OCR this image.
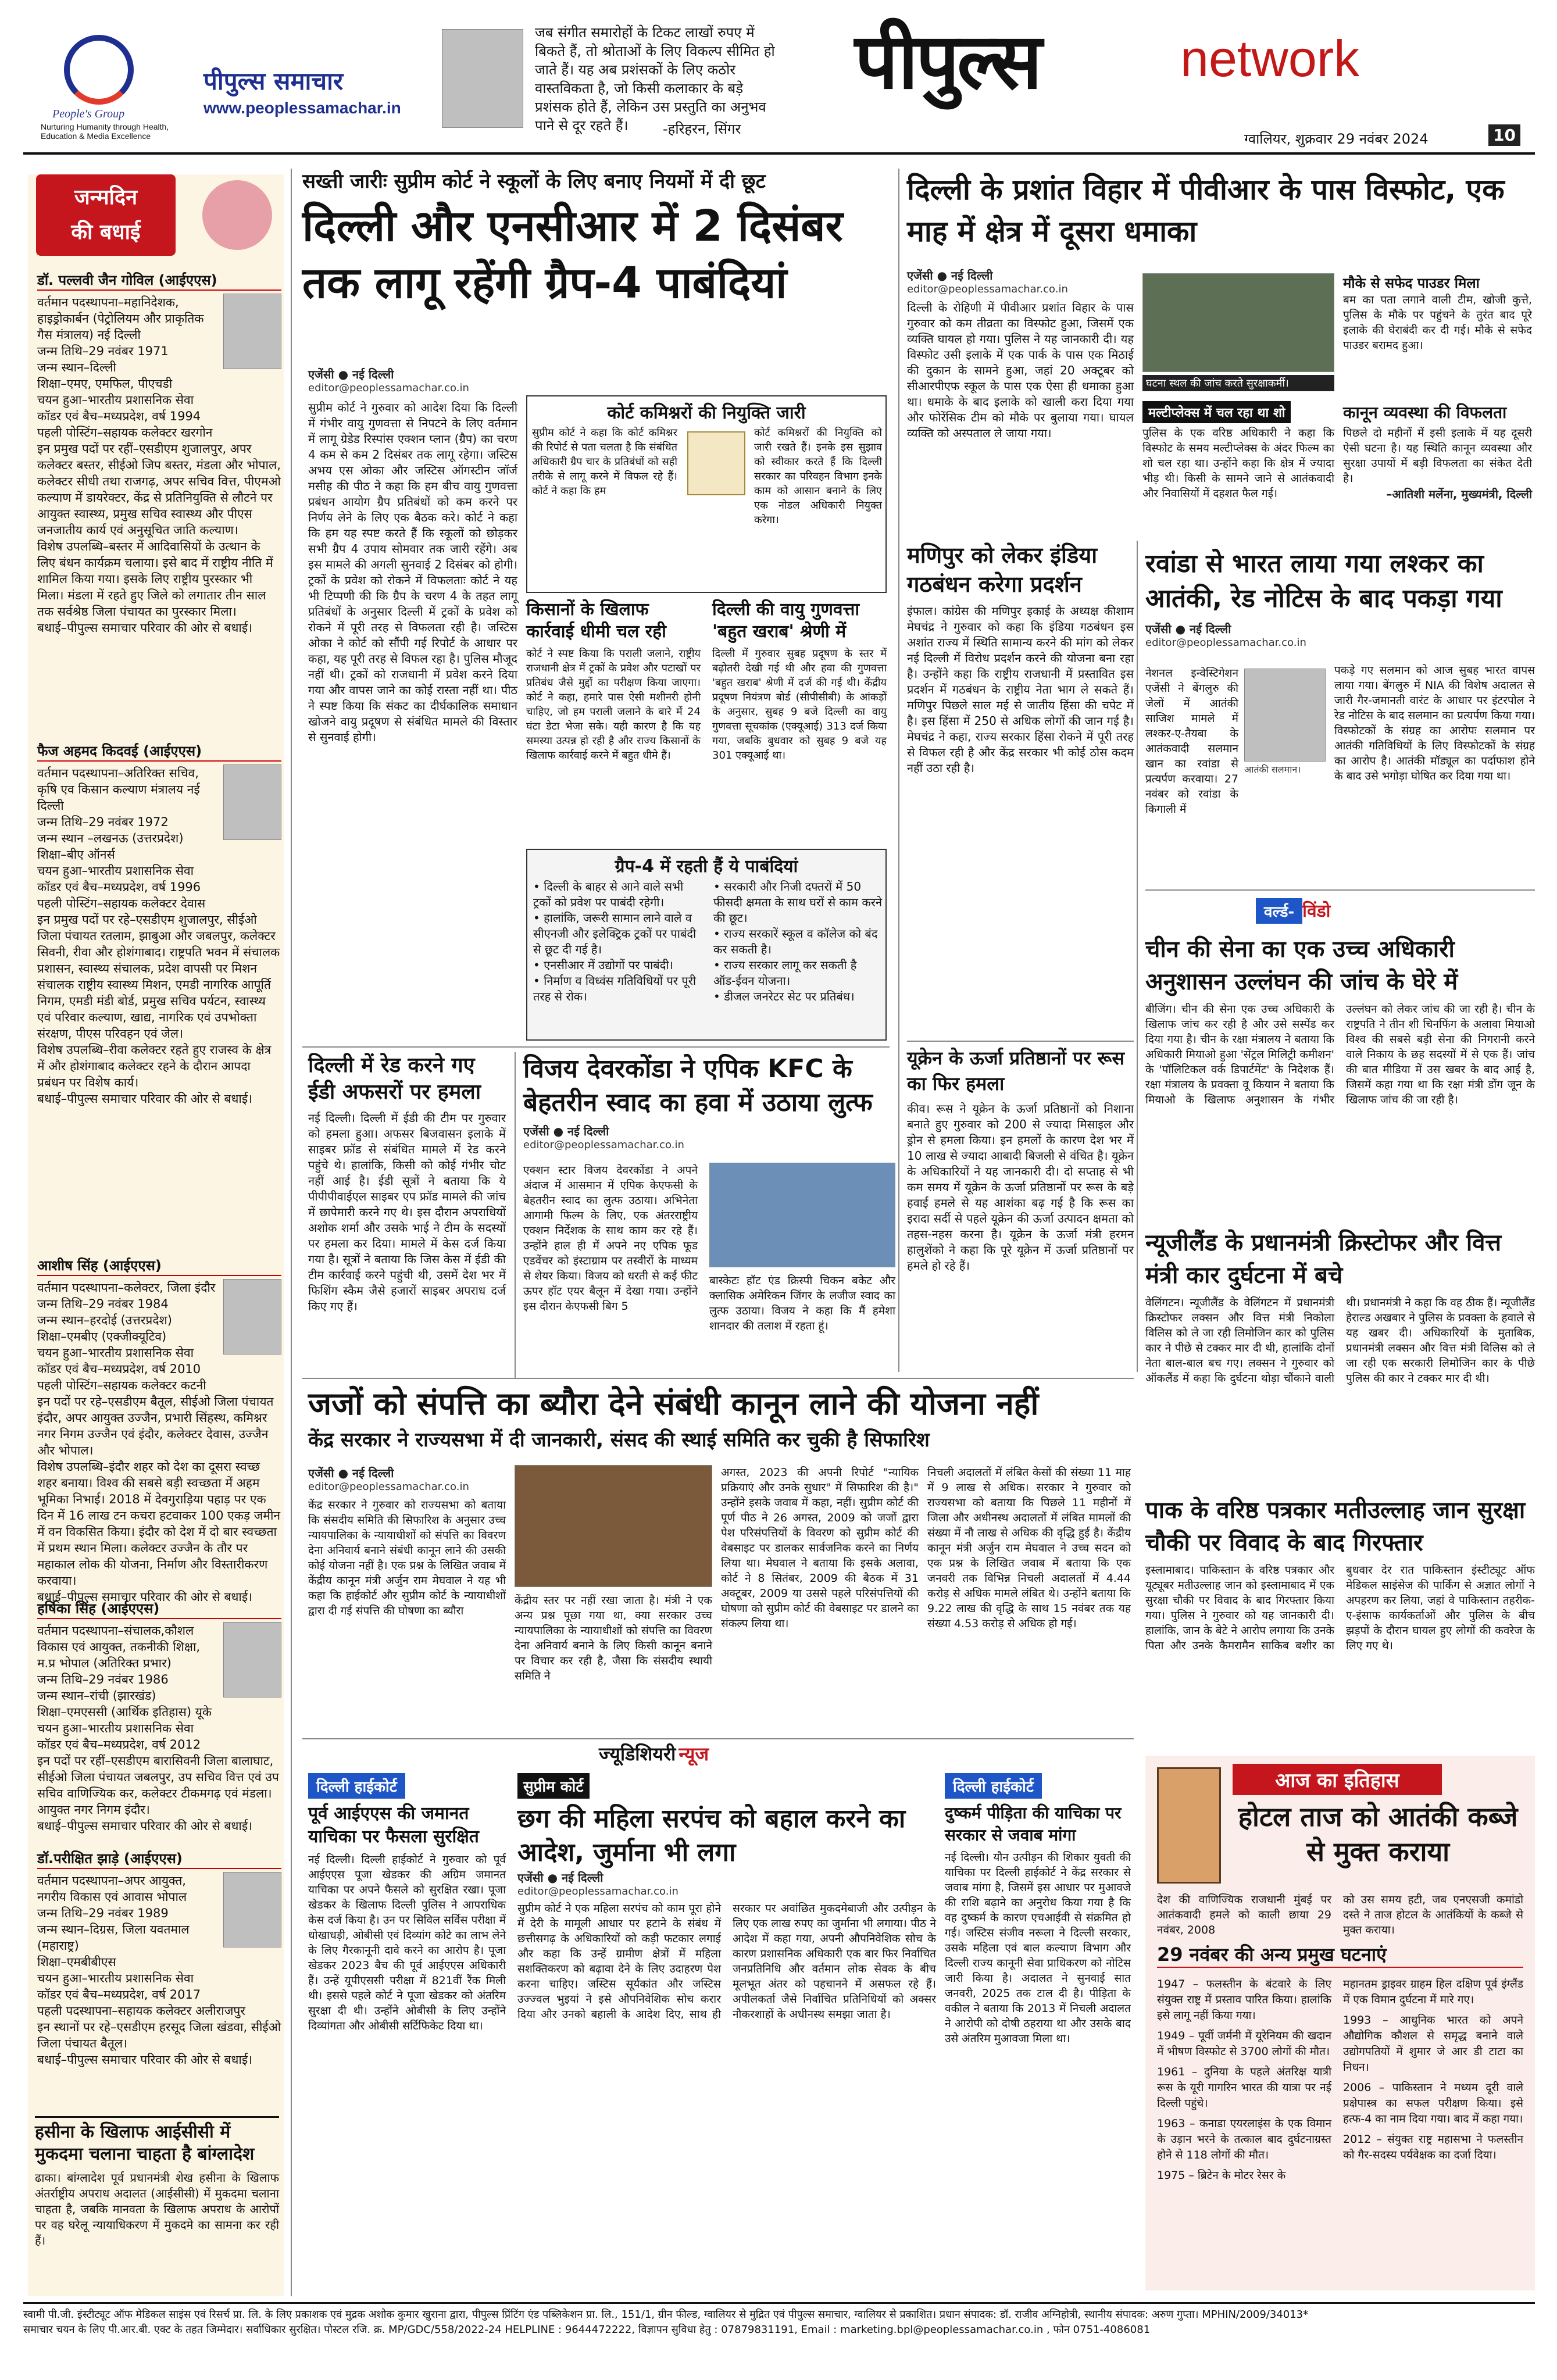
People's Group
Nurturing Humanity through Health, Education & Media Excellence
पीपुल्स समाचार
www.peoplessamachar.in
जब संगीत समारोहों के टिकट लाखों रुपए में बिकते हैं, तो श्रोताओं के लिए विकल्प सीमित हो जाते हैं। यह अब प्रशंसकों के लिए कठोर वास्तविकता है, जो किसी कलाकार के बड़े प्रशंसक होते हैं, लेकिन उस प्रस्तुति का अनुभव पाने से दूर रहते हैं।	-हरिहरन, सिंगर
पीपुल्स	network
ग्वालियर, शुक्रवार 29 नवंबर 2024	10
जन्मदिन
की बधाई
डॉ. पल्लवी जैन गोविल (आईएएस)
वर्तमान पदस्थापना–महानिदेशक, हाइड्रोकार्बन (पेट्रोलियम और प्राकृतिक गैस मंत्रालय) नई दिल्ली
जन्म तिथि–29 नवंबर 1971
जन्म स्थान–दिल्ली
शिक्षा–एमए, एमफिल, पीएचडी
चयन हुआ–भारतीय प्रशासनिक सेवा
कॉडर एवं बैच–मध्यप्रदेश, वर्ष 1994
पहली पोस्टिंग–सहायक कलेक्टर खरगोन
इन प्रमुख पदों पर रहीं–एसडीएम शुजालपुर, अपर कलेक्टर बस्तर, सीईओ जिप बस्तर, मंडला और भोपाल, कलेक्टर सीधी तथा राजगढ़, अपर सचिव वित्त, पीएमओ कल्याण में डायरेक्टर, केंद्र से प्रतिनियुक्ति से लौटने पर आयुक्त स्वास्थ्य, प्रमुख सचिव स्वास्थ्य और पीएस जनजातीय कार्य एवं अनुसूचित जाति कल्याण।
विशेष उपलब्धि–बस्तर में आदिवासियों के उत्थान के लिए बंधन कार्यक्रम चलाया। इसे बाद में राष्ट्रीय नीति में शामिल किया गया। इसके लिए राष्ट्रीय पुरस्कार भी मिला। मंडला में रहते हुए जिले को लगातार तीन साल तक सर्वश्रेष्ठ जिला पंचायत का पुरस्कार मिला।
बधाई–पीपुल्स समाचार परिवार की ओर से बधाई।
फैज अहमद किदवई (आईएएस)
वर्तमान पदस्थापना–अतिरिक्त सचिव, कृषि एव किसान कल्याण मंत्रालय नई दिल्ली
जन्म तिथि–29 नवंबर 1972
जन्म स्थान –लखनऊ (उत्तरप्रदेश)
शिक्षा–बीए ऑनर्स
चयन हुआ–भारतीय प्रशासनिक सेवा
कॉडर एवं बैच–मध्यप्रदेश, वर्ष 1996
पहली पोस्टिंग–सहायक कलेक्टर देवास
इन प्रमुख पदों पर रहे–एसडीएम शुजालपुर, सीईओ जिला पंचायत रतलाम, झाबुआ और जबलपुर, कलेक्टर सिवनी, रीवा और होशंगाबाद। राष्ट्रपति भवन में संचालक प्रशासन, स्वास्थ्य संचालक, प्रदेश वापसी पर मिशन संचालक राष्ट्रीय स्वास्थ्य मिशन, एमडी नागरिक आपूर्ति निगम, एमडी मंडी बोर्ड, प्रमुख सचिव पर्यटन, स्वास्थ्य एवं परिवार कल्याण, खाद्य, नागरिक एवं उपभोक्ता संरक्षण, पीएस परिवहन एवं जेल।
विशेष उपलब्धि–रीवा कलेक्टर रहते हुए राजस्व के क्षेत्र में और होशंगाबाद कलेक्टर रहने के दौरान आपदा प्रबंधन पर विशेष कार्य।
बधाई–पीपुल्स समाचार परिवार की ओर से बधाई।
आशीष सिंह (आईएएस)
वर्तमान पदस्थापना–कलेक्टर, जिला इंदौर
जन्म तिथि–29 नवंबर 1984
जन्म स्थान–हरदोई (उत्तरप्रदेश)
शिक्षा–एमबीए (एक्जीक्यूटिव)
चयन हुआ–भारतीय प्रशासनिक सेवा
कॉडर एवं बैच–मध्यप्रदेश, वर्ष 2010
पहली पोस्टिंग–सहायक कलेक्टर कटनी
इन पदों पर रहे–एसडीएम बैतूल, सीईओ जिला पंचायत इंदौर, अपर आयुक्त उज्जैन, प्रभारी सिंहस्थ, कमिश्नर नगर निगम उज्जैन एवं इंदौर, कलेक्टर देवास, उज्जैन और भोपाल।
विशेष उपलब्धि–इंदौर शहर को देश का दूसरा स्वच्छ शहर बनाया। विश्व की सबसे बड़ी स्वच्छता में अहम भूमिका निभाई। 2018 में देवगुराड़िया पहाड़ पर एक दिन में 16 लाख टन कचरा हटवाकर 100 एकड़ जमीन में वन विकसित किया। इंदौर को देश में दो बार स्वच्छता में प्रथम स्थान मिला। कलेक्टर उज्जैन के तौर पर महाकाल लोक की योजना, निर्माण और विस्तारीकरण करवाया।
बधाई–पीपुल्स समाचार परिवार की ओर से बधाई।
हर्षिका सिंह (आईएएस)
वर्तमान पदस्थापना–संचालक,कौशल विकास एवं आयुक्त, तकनीकी शिक्षा, म.प्र भोपाल (अतिरिक्त प्रभार)
जन्म तिथि–29 नवंबर 1986
जन्म स्थान–रांची (झारखंड)
शिक्षा–एमएससी (आर्थिक इतिहास) यूके
चयन हुआ–भारतीय प्रशासनिक सेवा
कॉडर एवं बैच–मध्यप्रदेश, वर्ष 2012
इन पदों पर रहीं–एसडीएम बारासिवनी जिला बालाघाट, सीईओ जिला पंचायत जबलपुर, उप सचिव वित्त एवं उप सचिव वाणिज्यिक कर, कलेक्टर टीकमगढ़ एवं मंडला। आयुक्त नगर निगम इंदौर।
बधाई–पीपुल्स समाचार परिवार की ओर से बधाई।
डॉ.परीक्षित झाड़े (आईएएस)
वर्तमान पदस्थापना–अपर आयुक्त, नगरीय विकास एवं आवास भोपाल
जन्म तिथि–29 नवंबर 1989
जन्म स्थान–दिग्रस, जिला यवतमाल (महाराष्ट्र)
शिक्षा–एमबीबीएस
चयन हुआ–भारतीय प्रशासनिक सेवा
कॉडर एवं बैच–मध्यप्रदेश, वर्ष 2017
पहली पदस्थापना–सहायक कलेक्टर अलीराजपुर
इन स्थानों पर रहे–एसडीएम हरसूद जिला खंडवा, सीईओ जिला पंचायत बैतूल।
बधाई–पीपुल्स समाचार परिवार की ओर से बधाई।
हसीना के खिलाफ आईसीसी में मुकदमा चलाना चाहता है बांग्लादेश
ढाका। बांग्लादेश पूर्व प्रधानमंत्री शेख हसीना के खिलाफ अंतर्राष्ट्रीय अपराध अदालत (आईसीसी) में मुकदमा चलाना चाहता है, जबकि मानवता के खिलाफ अपराध के आरोपों पर वह घरेलू न्यायाधिकरण में मुकदमे का सामना कर रही हैं।
सख्ती जारीः सुप्रीम कोर्ट ने स्कूलों के लिए बनाए नियमों में दी छूट
दिल्ली और एनसीआर में 2 दिसंबर तक लागू रहेंगी ग्रैप-4 पाबंदियां
एजेंसी ● नई दिल्ली
editor@peoplessamachar.co.in
सुप्रीम कोर्ट ने गुरुवार को आदेश दिया कि दिल्ली में गंभीर वायु गुणवत्ता से निपटने के लिए वर्तमान में लागू ग्रेडेड रिस्पांस एक्शन प्लान (ग्रैप) का चरण 4 कम से कम 2 दिसंबर तक लागू रहेगा। जस्टिस अभय एस ओका और जस्टिस ऑगस्टीन जॉर्ज मसीह की पीठ ने कहा कि हम बीच वायु गुणवत्ता प्रबंधन आयोग ग्रैप प्रतिबंधों को कम करने पर निर्णय लेने के लिए एक बैठक करे। कोर्ट ने कहा कि हम यह स्पष्ट करते हैं कि स्कूलों को छोड़कर सभी ग्रैप 4 उपाय सोमवार तक जारी रहेंगे। अब इस मामले की अगली सुनवाई 2 दिसंबर को होगी। ट्रकों के प्रवेश को रोकने में विफलताः कोर्ट ने यह भी टिप्पणी की कि ग्रैप के चरण 4 के तहत लागू प्रतिबंधों के अनुसार दिल्ली में ट्रकों के प्रवेश को रोकने में पूरी तरह से विफलता रही है। जस्टिस ओका ने कोर्ट को सौंपी गई रिपोर्ट के आधार पर कहा, यह पूरी तरह से विफल रहा है। पुलिस मौजूद नहीं थी। ट्रकों को राजधानी में प्रवेश करने दिया गया और वापस जाने का कोई रास्ता नहीं था। पीठ ने स्पष्ट किया कि संकट का दीर्घकालिक समाधान खोजने वायु प्रदूषण से संबंधित मामले की विस्तार से सुनवाई होगी।
कोर्ट कमिश्नरों की नियुक्ति जारी
सुप्रीम कोर्ट ने कहा कि कोर्ट कमिश्नर की रिपोर्ट से पता चलता है कि संबंधित अधिकारी ग्रैप चार के प्रतिबंधों को सही तरीके से लागू करने में विफल रहे हैं। कोर्ट ने कहा कि हम
कोर्ट कमिश्नरों की नियुक्ति को जारी रखते हैं। इनके इस सुझाव को स्वीकार करते हैं कि दिल्ली सरकार का परिवहन विभाग इनके काम को आसान बनाने के लिए एक नोडल अधिकारी नियुक्त करेगा।
किसानों के खिलाफ कार्रवाई धीमी चल रही
कोर्ट ने स्पष्ट किया कि पराली जलाने, राष्ट्रीय राजधानी क्षेत्र में ट्रकों के प्रवेश और पटाखों पर प्रतिबंध जैसे मुद्दों का परीक्षण किया जाएगा। कोर्ट ने कहा, हमारे पास ऐसी मशीनरी होनी चाहिए, जो हम पराली जलाने के बारे में 24 घंटा डेटा भेजा सके। यही कारण है कि यह समस्या उत्पन्न हो रही है और राज्य किसानों के खिलाफ कार्रवाई करने में बहुत धीमे हैं।
दिल्ली की वायु गुणवत्ता 'बहुत खराब' श्रेणी में
दिल्ली में गुरुवार सुबह प्रदूषण के स्तर में बढ़ोतरी देखी गई थी और हवा की गुणवत्ता 'बहुत खराब' श्रेणी में दर्ज की गई थी। केंद्रीय प्रदूषण नियंत्रण बोर्ड (सीपीसीबी) के आंकड़ों के अनुसार, सुबह 9 बजे दिल्ली का वायु गुणवत्ता सूचकांक (एक्यूआई) 313 दर्ज किया गया, जबकि बुधवार को सुबह 9 बजे यह 301 एक्यूआई था।
ग्रैप-4 में रहती हैं ये पाबंदियां
• दिल्ली के बाहर से आने वाले सभी ट्रकों को प्रवेश पर पाबंदी रहेगी।
• हालांकि, जरूरी सामान लाने वाले व सीएनजी और इलेक्ट्रिक ट्रकों पर पाबंदी से छूट दी गई है।
• एनसीआर में उद्योगों पर पाबंदी।
• निर्माण व विध्वंस गतिविधियों पर पूरी तरह से रोक।
• सरकारी और निजी दफ्तरों में 50 फीसदी क्षमता के साथ घरों से काम करने की छूट।
• राज्य सरकारें स्कूल व कॉलेज को बंद कर सकती है।
• राज्य सरकार लागू कर सकती है ऑड-ईवन योजना।
• डीजल जनरेटर सेट पर प्रतिबंध।
दिल्ली में रेड करने गए ईडी अफसरों पर हमला
नई दिल्ली। दिल्ली में ईडी की टीम पर गुरुवार को हमला हुआ। अफसर बिजवासन इलाके में साइबर फ्रॉड से संबंधित मामले में रेड करने पहुंचे थे। हालांकि, किसी को कोई गंभीर चोट नहीं आई है। ईडी सूत्रों ने बताया कि ये पीपीपीवाईएल साइबर एप फ्रॉड मामले की जांच में छापेमारी करने गए थे। इस दौरान अपराधियों अशोक शर्मा और उसके भाई ने टीम के सदस्यों पर हमला कर दिया। मामले में केस दर्ज किया गया है। सूत्रों ने बताया कि जिस केस में ईडी की टीम कार्रवाई करने पहुंची थी, उसमें देश भर में फिशिंग स्कैम जैसे हजारों साइबर अपराध दर्ज किए गए हैं।
विजय देवरकोंडा ने एपिक KFC के बेहतरीन स्वाद का हवा में उठाया लुत्फ
एजेंसी ● नई दिल्ली
editor@peoplessamachar.co.in
एक्शन स्टार विजय देवरकोंडा ने अपने अंदाज में आसमान में एपिक केएफसी के बेहतरीन स्वाद का लुत्फ उठाया। अभिनेता आगामी फिल्म के लिए, एक अंतरराष्ट्रीय एक्शन निर्देशक के साथ काम कर रहे हैं। उन्होंने हाल ही में अपने नए एपिक फूड एडवेंचर को इंस्टाग्राम पर तस्वीरों के माध्यम से शेयर किया। विजय को धरती से कई फीट ऊपर हॉट एयर बैलून में देखा गया। उन्होंने इस दौरान केएफसी बिग 5
बास्केटः हॉट एंड क्रिस्पी चिकन बकेट और क्लासिक अमेरिकन जिंगर के लजीज स्वाद का लुत्फ उठाया। विजय ने कहा कि मैं हमेशा शानदार की तलाश में रहता हूं।
दिल्ली के प्रशांत विहार में पीवीआर के पास विस्फोट, एक माह में क्षेत्र में दूसरा धमाका
एजेंसी ● नई दिल्ली
editor@peoplessamachar.co.in
दिल्ली के रोहिणी में पीवीआर प्रशांत विहार के पास गुरुवार को कम तीव्रता का विस्फोट हुआ, जिसमें एक व्यक्ति घायल हो गया। पुलिस ने यह जानकारी दी। यह विस्फोट उसी इलाके में एक पार्क के पास एक मिठाई की दुकान के सामने हुआ, जहां 20 अक्टूबर को सीआरपीएफ स्कूल के पास एक ऐसा ही धमाका हुआ था। धमाके के बाद इलाके को खाली करा दिया गया और फोरेंसिक टीम को मौके पर बुलाया गया। घायल व्यक्ति को अस्पताल ले जाया गया।
घटना स्थल की जांच करते सुरक्षाकर्मी।
मौके से सफेद पाउडर मिला
बम का पता लगाने वाली टीम, खोजी कुत्ते, पुलिस के मौके पर पहुंचने के तुरंत बाद पूरे इलाके की घेराबंदी कर दी गई। मौके से सफेद पाउडर बरामद हुआ।
मल्टीप्लेक्स में चल रहा था शो
पुलिस के एक वरिष्ठ अधिकारी ने कहा कि विस्फोट के समय मल्टीप्लेक्स के अंदर फिल्म का शो चल रहा था। उन्होंने कहा कि क्षेत्र में ज्यादा भीड़ थी। किसी के सामने जाने से आतंकवादी और निवासियों में दहशत फैल गई।
कानून व्यवस्था की विफलता
पिछले दो महीनों में इसी इलाके में यह दूसरी ऐसी घटना है। यह स्थिति कानून व्यवस्था और सुरक्षा उपायों में बड़ी विफलता का संकेत देती है।
–आतिशी मर्लेना, मुख्यमंत्री, दिल्ली
मणिपुर को लेकर इंडिया गठबंधन करेगा प्रदर्शन
इंफाल। कांग्रेस की मणिपुर इकाई के अध्यक्ष कीशाम मेघचंद्र ने गुरुवार को कहा कि इंडिया गठबंधन इस अशांत राज्य में स्थिति सामान्य करने की मांग को लेकर नई दिल्ली में विरोध प्रदर्शन करने की योजना बना रहा है। उन्होंने कहा कि राष्ट्रीय राजधानी में प्रस्तावित इस प्रदर्शन में गठबंधन के राष्ट्रीय नेता भाग ले सकते हैं। मणिपुर पिछले साल मई से जातीय हिंसा की चपेट में है। इस हिंसा में 250 से अधिक लोगों की जान गई है। मेघचंद्र ने कहा, राज्य सरकार हिंसा रोकने में पूरी तरह से विफल रही है और केंद्र सरकार भी कोई ठोस कदम नहीं उठा रही है।
यूक्रेन के ऊर्जा प्रतिष्ठानों पर रूस का फिर हमला
कीव। रूस ने यूक्रेन के ऊर्जा प्रतिष्ठानों को निशाना बनाते हुए गुरुवार को 200 से ज्यादा मिसाइल और ड्रोन से हमला किया। इन हमलों के कारण देश भर में 10 लाख से ज्यादा आबादी बिजली से वंचित है। यूक्रेन के अधिकारियों ने यह जानकारी दी। दो सप्ताह से भी कम समय में यूक्रेन के ऊर्जा प्रतिष्ठानों पर रूस के बड़े हवाई हमले से यह आशंका बढ़ गई है कि रूस का इरादा सर्दी से पहले यूक्रेन की ऊर्जा उत्पादन क्षमता को तहस-नहस करना है। यूक्रेन के ऊर्जा मंत्री हरमन हालुशेंको ने कहा कि पूरे यूक्रेन में ऊर्जा प्रतिष्ठानों पर हमले हो रहे हैं।
रवांडा से भारत लाया गया लश्कर का आतंकी, रेड नोटिस के बाद पकड़ा गया
एजेंसी ● नई दिल्ली
editor@peoplessamachar.co.in
नेशनल इन्वेस्टिगेशन एजेंसी ने बेंगलुरु की जेलों में आतंकी साजिश मामले में लश्कर-ए-तैयबा के आतंकवादी सलमान खान का रवांडा से प्रत्यर्पण करवाया। 27 नवंबर को रवांडा के किगाली में
आतंकी सलमान।
पकड़े गए सलमान को आज सुबह भारत वापस लाया गया। बेंगलुरु में NIA की विशेष अदालत से जारी गैर-जमानती वारंट के आधार पर इंटरपोल ने रेड नोटिस के बाद सलमान का प्रत्यर्पण किया गया। विस्फोटकों के संग्रह का आरोपः सलमान पर आतंकी गतिविधियों के लिए विस्फोटकों के संग्रह का आरोप है। आतंकी मॉड्यूल का पर्दाफाश होने के बाद उसे भगोड़ा घोषित कर दिया गया था।
वर्ल्ड- विंडो
चीन की सेना का एक उच्च अधिकारी अनुशासन उल्लंघन की जांच के घेरे में
बीजिंग। चीन की सेना एक उच्च अधिकारी के खिलाफ जांच कर रही है और उसे सस्पेंड कर दिया गया है। चीन के रक्षा मंत्रालय ने बताया कि अधिकारी मियाओ हुआ 'सेंट्रल मिलिट्री कमीशन' के 'पॉलिटिकल वर्क डिपार्टमेंट' के निदेशक हैं। रक्षा मंत्रालय के प्रवक्ता वू कियान ने बताया कि मियाओ के खिलाफ अनुशासन के गंभीर उल्लंघन को लेकर जांच की जा रही है। चीन के राष्ट्रपति ने तीन शी चिनफिंग के अलावा मियाओ विश्व की सबसे बड़ी सेना की निगरानी करने वाले निकाय के छह सदस्यों में से एक हैं। जांच की बात मीडिया में उस खबर के बाद आई है, जिसमें कहा गया था कि रक्षा मंत्री डोंग जून के खिलाफ जांच की जा रही है।
न्यूजीलैंड के प्रधानमंत्री क्रिस्टोफर और वित्त मंत्री कार दुर्घटना में बचे
वेलिंगटन। न्यूजीलैंड के वेलिंगटन में प्रधानमंत्री क्रिस्टोफर लक्सन और वित्त मंत्री निकोला विलिस को ले जा रही लिमोजिन कार को पुलिस कार ने पीछे से टक्कर मार दी थी, हालांकि दोनों नेता बाल-बाल बच गए। लक्सन ने गुरुवार को ऑकलैंड में कहा कि दुर्घटना थोड़ा चौंकाने वाली थी। प्रधानमंत्री ने कहा कि वह ठीक हैं। न्यूजीलैंड हेराल्ड अखबार ने पुलिस के प्रवक्ता के हवाले से यह खबर दी। अधिकारियों के मुताबिक, प्रधानमंत्री लक्सन और वित्त मंत्री विलिस को ले जा रही एक सरकारी लिमोजिन कार के पीछे पुलिस की कार ने टक्कर मार दी थी।
पाक के वरिष्ठ पत्रकार मतीउल्लाह जान सुरक्षा चौकी पर विवाद के बाद गिरफ्तार
इस्लामाबाद। पाकिस्तान के वरिष्ठ पत्रकार और यूट्यूबर मतीउल्लाह जान को इस्लामाबाद में एक सुरक्षा चौकी पर विवाद के बाद गिरफ्तार किया गया। पुलिस ने गुरुवार को यह जानकारी दी। हालांकि, जान के बेटे ने आरोप लगाया कि उनके पिता और उनके कैमरामैन साकिब बशीर का बुधवार देर रात पाकिस्तान इंस्टीट्यूट ऑफ मेडिकल साइंसेज की पार्किंग से अज्ञात लोगों ने अपहरण कर लिया, जहां वे पाकिस्तान तहरीक-ए-इंसाफ कार्यकर्ताओं और पुलिस के बीच झड़पों के दौरान घायल हुए लोगों की कवरेज के लिए गए थे।
जजों को संपत्ति का ब्यौरा देने संबंधी कानून लाने की योजना नहीं
केंद्र सरकार ने राज्यसभा में दी जानकारी, संसद की स्थाई समिति कर चुकी है सिफारिश
एजेंसी ● नई दिल्ली
editor@peoplessamachar.co.in
केंद्र सरकार ने गुरुवार को राज्यसभा को बताया कि संसदीय समिति की सिफारिश के अनुसार उच्च न्यायपालिका के न्यायाधीशों को संपत्ति का विवरण देना अनिवार्य बनाने संबंधी कानून लाने की उसकी कोई योजना नहीं है। एक प्रश्न के लिखित जवाब में केंद्रीय कानून मंत्री अर्जुन राम मेघवाल ने यह भी कहा कि हाईकोर्ट और सुप्रीम कोर्ट के न्यायाधीशों द्वारा दी गई संपत्ति की घोषणा का ब्यौरा
केंद्रीय स्तर पर नहीं रखा जाता है। मंत्री ने एक अन्य प्रश्न पूछा गया था, क्या सरकार उच्च न्यायपालिका के न्यायाधीशों को संपत्ति का विवरण देना अनिवार्य बनाने के लिए किसी कानून बनाने पर विचार कर रही है, जैसा कि संसदीय स्थायी समिति ने
अगस्त, 2023 की अपनी रिपोर्ट "न्यायिक प्रक्रियाएं और उनके सुधार" में सिफारिश की है।" उन्होंने इसके जवाब में कहा, नहीं। सुप्रीम कोर्ट की पूर्ण पीठ ने 26 अगस्त, 2009 को जजों द्वारा पेश परिसंपत्तियों के विवरण को सुप्रीम कोर्ट की वेबसाइट पर डालकर सार्वजनिक करने का निर्णय लिया था। मेघवाल ने बताया कि इसके अलावा, कोर्ट ने 8 सितंबर, 2009 की बैठक में 31 अक्टूबर, 2009 या उससे पहले परिसंपत्तियों की घोषणा को सुप्रीम कोर्ट की वेबसाइट पर डालने का संकल्प लिया था।
निचली अदालतों में लंबित केसों की संख्या 11 माह में 9 लाख से अधिक। सरकार ने गुरुवार को राज्यसभा को बताया कि पिछले 11 महीनों में जिला और अधीनस्थ अदालतों में लंबित मामलों की संख्या में नौ लाख से अधिक की वृद्धि हुई है। केंद्रीय कानून मंत्री अर्जुन राम मेघवाल ने उच्च सदन को एक प्रश्न के लिखित जवाब में बताया कि एक जनवरी तक विभिन्न निचली अदालतों में 4.44 करोड़ से अधिक मामले लंबित थे। उन्होंने बताया कि 9.22 लाख की वृद्धि के साथ 15 नवंबर तक यह संख्या 4.53 करोड़ से अधिक हो गई।
ज्यूडिशियरी न्यूज
दिल्ली हाईकोर्ट
पूर्व आईएएस की जमानत याचिका पर फैसला सुरक्षित
नई दिल्ली। दिल्ली हाईकोर्ट ने गुरुवार को पूर्व आईएएस पूजा खेडकर की अग्रिम जमानत याचिका पर अपने फैसले को सुरक्षित रखा। पूजा खेडकर के खिलाफ दिल्ली पुलिस ने आपराधिक केस दर्ज किया है। उन पर सिविल सर्विस परीक्षा में धोखाधड़ी, ओबीसी एवं दिव्यांग कोटे का लाभ लेने के लिए गैरकानूनी दावे करने का आरोप है। पूजा खेडकर 2023 बैच की पूर्व आईएएस अधिकारी हैं। उन्हें यूपीएससी परीक्षा में 821वीं रैंक मिली थी। इससे पहले कोर्ट ने पूजा खेडकर को अंतरिम सुरक्षा दी थी। उन्होंने ओबीसी के लिए उन्होंने दिव्यांगता और ओबीसी सर्टिफिकेट दिया था।
सुप्रीम कोर्ट
छग की महिला सरपंच को बहाल करने का आदेश, जुर्माना भी लगा
एजेंसी ● नई दिल्ली
editor@peoplessamachar.co.in
सुप्रीम कोर्ट ने एक महिला सरपंच को काम पूरा होने में देरी के मामूली आधार पर हटाने के संबंध में छत्तीसगढ़ के अधिकारियों को कड़ी फटकार लगाई और कहा कि उन्हें ग्रामीण क्षेत्रों में महिला सशक्तिकरण को बढ़ावा देने के लिए उदाहरण पेश करना चाहिए। जस्टिस सूर्यकांत और जस्टिस उज्ज्वल भुइयां ने इसे औपनिवेशिक सोच करार दिया और उनको बहाली के आदेश दिए, साथ ही सरकार पर अवांछित मुकदमेबाजी और उत्पीड़न के लिए एक लाख रुपए का जुर्माना भी लगाया। पीठ ने आदेश में कहा गया, अपनी औपनिवेशिक सोच के कारण प्रशासनिक अधिकारी एक बार फिर निर्वाचित जनप्रतिनिधि और वर्तमान लोक सेवक के बीच मूलभूत अंतर को पहचानने में असफल रहे हैं। अपीलकर्ता जैसे निर्वाचित प्रतिनिधियों को अक्सर नौकरशाहों के अधीनस्थ समझा जाता है।
दिल्ली हाईकोर्ट
दुष्कर्म पीड़िता की याचिका पर सरकार से जवाब मांगा
नई दिल्ली। यौन उत्पीड़न की शिकार युवती की याचिका पर दिल्ली हाईकोर्ट ने केंद्र सरकार से जवाब मांगा है, जिसमें इस आधार पर मुआवजे की राशि बढ़ाने का अनुरोध किया गया है कि वह दुष्कर्म के कारण एचआईवी से संक्रमित हो गई। जस्टिस संजीव नरूला ने दिल्ली सरकार, उसके महिला एवं बाल कल्याण विभाग और दिल्ली राज्य कानूनी सेवा प्राधिकरण को नोटिस जारी किया है। अदालत ने सुनवाई सात जनवरी, 2025 तक टाल दी है। पीड़िता के वकील ने बताया कि 2013 में निचली अदालत ने आरोपी को दोषी ठहराया था और उसके बाद उसे अंतरिम मुआवजा मिला था।
आज का इतिहास
होटल ताज को आतंकी कब्जे से मुक्त कराया
देश की वाणिज्यिक राजधानी मुंबई पर आतंकवादी हमले को काली छाया 29 नवंबर, 2008
को उस समय हटी, जब एनएसजी कमांडो दस्ते ने ताज होटल के आतंकियों के कब्जे से मुक्त कराया।
29 नवंबर की अन्य प्रमुख घटनाएं
1947 – फलस्तीन के बंटवारे के लिए संयुक्त राष्ट्र में प्रस्ताव पारित किया। हालांकि इसे लागू नहीं किया गया।
1949 – पूर्वी जर्मनी में यूरेनियम की खदान में भीषण विस्फोट से 3700 लोगों की मौत।
1961 – दुनिया के पहले अंतरिक्ष यात्री रूस के यूरी गागरिन भारत की यात्रा पर नई दिल्ली पहुंचे।
1963 – कनाडा एयरलाइंस के एक विमान के उड़ान भरने के तत्काल बाद दुर्घटनाग्रस्त होने से 118 लोगों की मौत।
1975 – ब्रिटेन के मोटर रेसर के
महानतम ड्राइवर ग्राहम हिल दक्षिण पूर्व इंग्लैंड में एक विमान दुर्घटना में मारे गए।
1993 – आधुनिक भारत को अपने औद्योगिक कौशल से समृद्ध बनाने वाले उद्योगपतियों में शुमार जे आर डी टाटा का निधन।
2006 – पाकिस्तान ने मध्यम दूरी वाले प्रक्षेपास्त्र का सफल परीक्षण किया। इसे हत्फ-4 का नाम दिया गया। बाद में कहा गया।
2012 – संयुक्त राष्ट्र महासभा ने फलस्तीन को गैर-सदस्य पर्यवेक्षक का दर्जा दिया।
स्वामी पी.जी. इंस्टीट्यूट ऑफ मेडिकल साइंस एवं रिसर्च प्रा. लि. के लिए प्रकाशक एवं मुद्रक अशोक कुमार खुराना द्वारा, पीपुल्स प्रिंटिंग एंड पब्लिकेशन प्रा. लि., 151/1, ग्रीन फील्ड, ग्वालियर से मुद्रित एवं पीपुल्स समाचार, ग्वालियर से प्रकाशित। प्रधान संपादक: डॉ. राजीव अग्निहोत्री, स्थानीय संपादक: अरुण गुप्ता। MPHIN/2009/34013*
समाचार चयन के लिए पी.आर.बी. एक्ट के तहत जिम्मेदार। सर्वाधिकार सुरक्षित। पोस्टल रजि. क्र. MP/GDC/558/2022-24 HELPLINE : 9644472222, विज्ञापन सुविधा हेतु : 07879831191, Email : marketing.bpl@peoplessamachar.co.in , फोन 0751-4086081
